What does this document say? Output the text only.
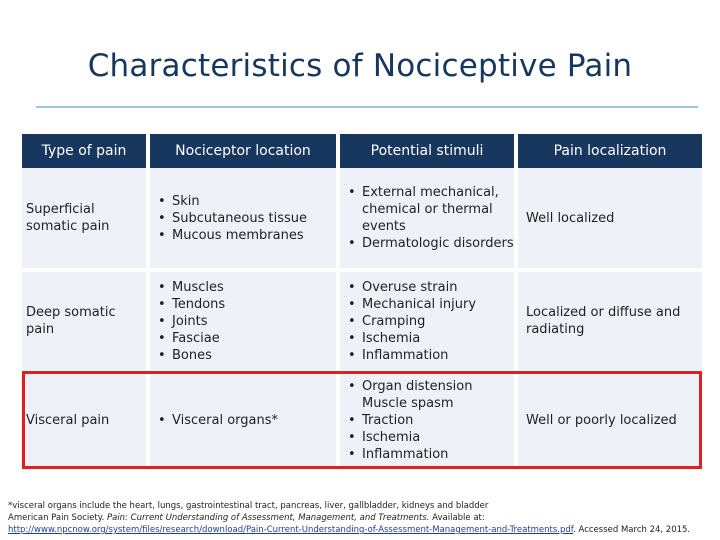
Characteristics of Nociceptive Pain
Type of pain	Nociceptor location	Potential stimuli	Pain localization
Superficial
somatic pain
• Skin
• Subcutaneous tissue
• Mucous membranes
• External mechanical,
chemical or thermal
events
• Dermatologic disorders
Well localized
Deep somatic
pain
• Muscles
• Tendons
• Joints
• Fasciae
• Bones
• Overuse strain
• Mechanical injury
• Cramping
• Ischemia
• Inflammation
Localized or diffuse and
radiating
Visceral pain
•	Visceral organs*
• Organ distension
Muscle spasm
• Traction
• Ischemia
• Inflammation
Well or poorly localized
*visceral organs include the heart, lungs, gastrointestinal tract, pancreas, liver, gallbladder, kidneys and bladder
American Pain Society. Pain: Current Understanding of Assessment, Management, and Treatments. Available at:
http://www.npcnow.org/system/files/research/download/Pain-Current-Understanding-of-Assessment-Management-and-Treatments.pdf. Accessed March 24, 2015.
